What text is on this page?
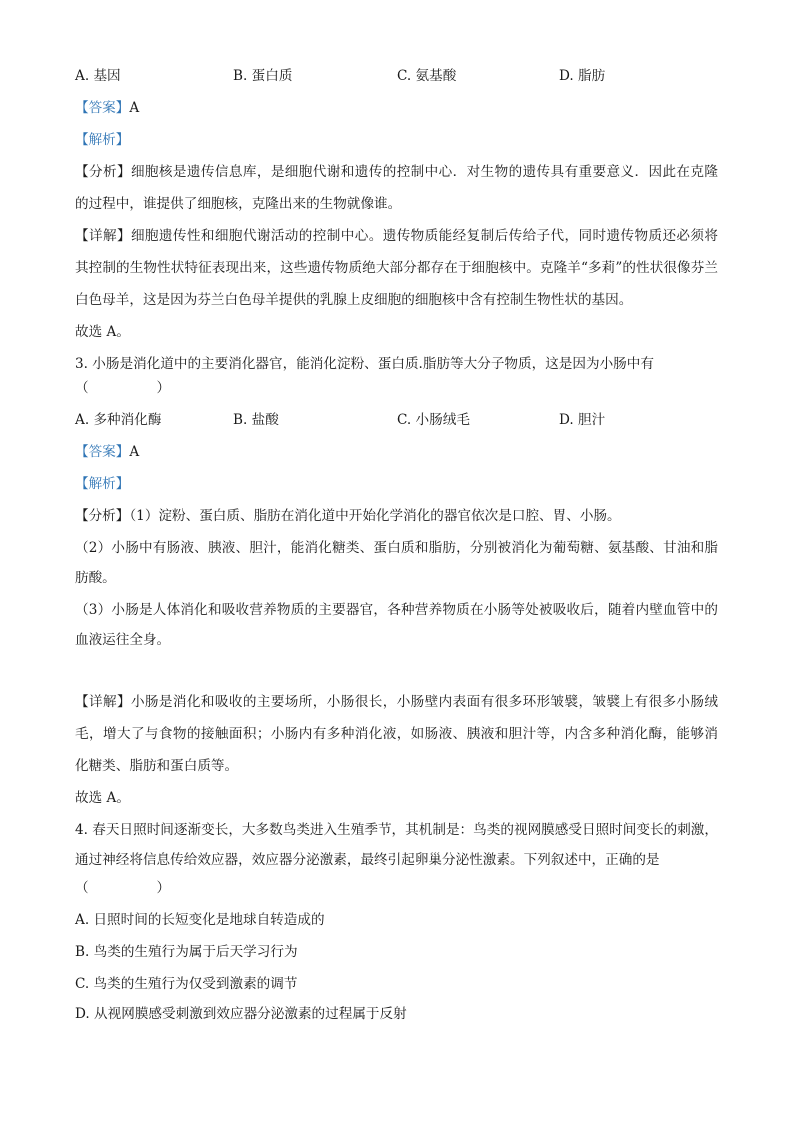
A. 基因	B. 蛋白质	C. 氨基酸	D. 脂肪
【答案】A
【解析】
【分析】细胞核是遗传信息库，是细胞代谢和遗传的控制中心．对生物的遗传具有重要意义．因此在克隆
的过程中，谁提供了细胞核，克隆出来的生物就像谁。
【详解】细胞遗传性和细胞代谢活动的控制中心。遗传物质能经复制后传给子代，同时遗传物质还必须将
其控制的生物性状特征表现出来，这些遗传物质绝大部分都存在于细胞核中。克隆羊“多莉”的性状很像芬兰
白色母羊，这是因为芬兰白色母羊提供的乳腺上皮细胞的细胞核中含有控制生物性状的基因。
故选 A。
3. 小肠是消化道中的主要消化器官，能消化淀粉、蛋白质.脂肪等大分子物质，这是因为小肠中有
（　　　　　）
A. 多种消化酶	B. 盐酸	C. 小肠绒毛	D. 胆汁
【答案】A
【解析】
【分析】（1）淀粉、蛋白质、脂肪在消化道中开始化学消化的器官依次是口腔、胃、小肠。
（2）小肠中有肠液、胰液、胆汁，能消化糖类、蛋白质和脂肪，分别被消化为葡萄糖、氨基酸、甘油和脂
肪酸。
（3）小肠是人体消化和吸收营养物质的主要器官，各种营养物质在小肠等处被吸收后，随着内壁血管中的
血液运往全身。
【详解】小肠是消化和吸收的主要场所，小肠很长，小肠壁内表面有很多环形皱襞，皱襞上有很多小肠绒
毛，增大了与食物的接触面积；小肠内有多种消化液，如肠液、胰液和胆汁等，内含多种消化酶，能够消
化糖类、脂肪和蛋白质等。
故选 A。
4. 春天日照时间逐渐变长，大多数鸟类进入生殖季节，其机制是：鸟类的视网膜感受日照时间变长的刺激，
通过神经将信息传给效应器，效应器分泌激素，最终引起卵巢分泌性激素。下列叙述中，正确的是
（　　　　　）
A. 日照时间的长短变化是地球自转造成的
B. 鸟类的生殖行为属于后天学习行为
C. 鸟类的生殖行为仅受到激素的调节
D. 从视网膜感受刺激到效应器分泌激素的过程属于反射
